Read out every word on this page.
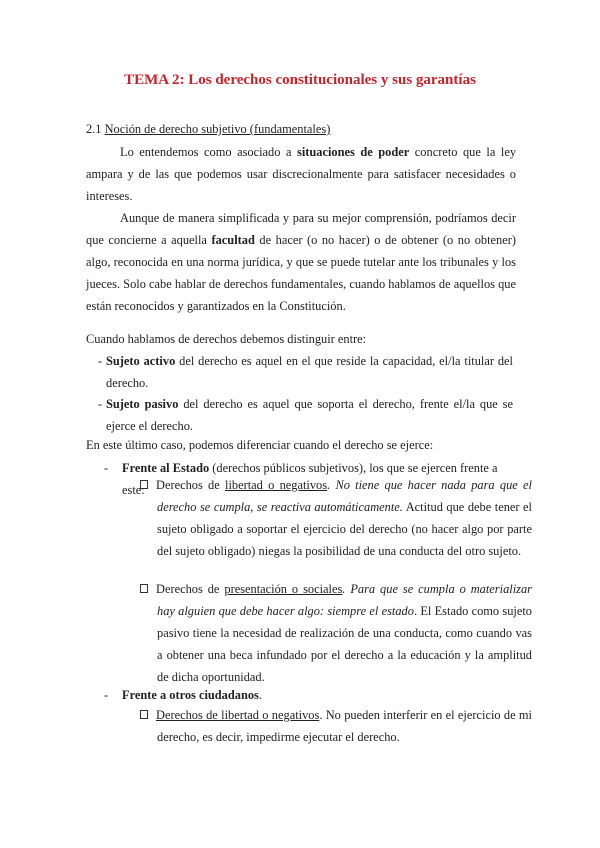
TEMA 2: Los derechos constitucionales y sus garantías
2.1 Noción de derecho subjetivo (fundamentales)
Lo entendemos como asociado a situaciones de poder concreto que la ley ampara y de las que podemos usar discrecionalmente para satisfacer necesidades o intereses.
Aunque de manera simplificada y para su mejor comprensión, podríamos decir que concierne a aquella facultad de hacer (o no hacer) o de obtener (o no obtener) algo, reconocida en una norma jurídica, y que se puede tutelar ante los tribunales y los jueces. Solo cabe hablar de derechos fundamentales, cuando hablamos de aquellos que están reconocidos y garantizados en la Constitución.
Cuando hablamos de derechos debemos distinguir entre:
- Sujeto activo del derecho es aquel en el que reside la capacidad, el/la titular del derecho.
- Sujeto pasivo del derecho es aquel que soporta el derecho, frente el/la que se ejerce el derecho.
En este último caso, podemos diferenciar cuando el derecho se ejerce:
- Frente al Estado (derechos públicos subjetivos), los que se ejercen frente a este: Derechos de libertad o negativos. No tiene que hacer nada para que el derecho se cumpla, se reactiva automáticamente. Actitud que debe tener el sujeto obligado a soportar el ejercicio del derecho (no hacer algo por parte del sujeto obligado) niegas la posibilidad de una conducta del otro sujeto.
Derechos de presentación o sociales. Para que se cumpla o materializar hay alguien que debe hacer algo: siempre el estado. El Estado como sujeto pasivo tiene la necesidad de realización de una conducta, como cuando vas a obtener una beca infundado por el derecho a la educación y la amplitud de dicha oportunidad.
- Frente a otros ciudadanos.
Derechos de libertad o negativos. No pueden interferir en el ejercicio de mi derecho, es decir, impedirme ejecutar el derecho.
